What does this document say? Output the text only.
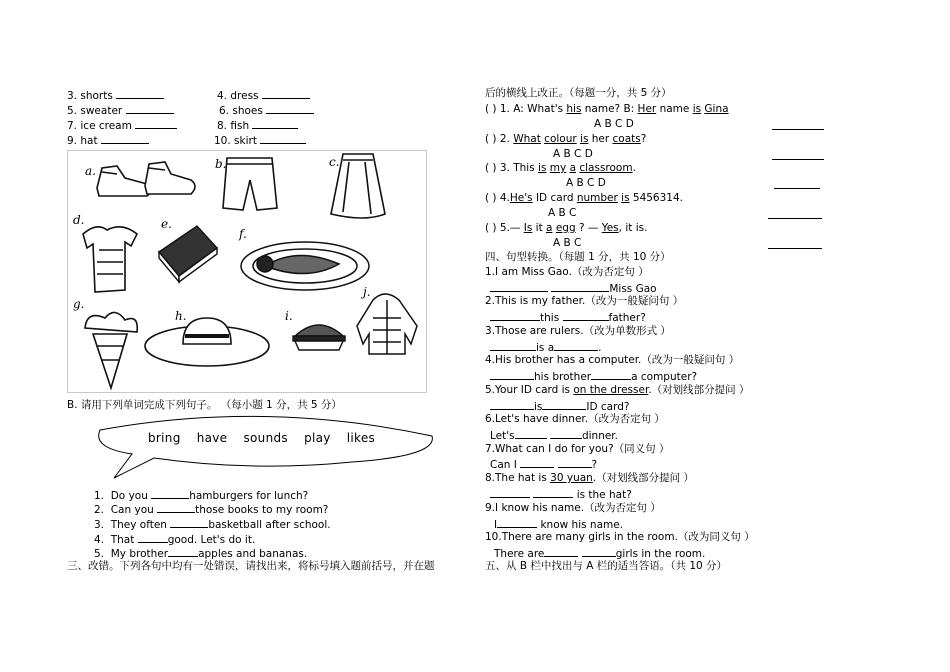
3. shorts	4. dress
5. sweater	6. shoes
7. ice cream	8. fish
9. hat	10. skirt
a.	b.	c.
d.	e.
f.
g.
h.	i.
j.
B. 请用下列单词完成下列句子。 （每小题 1 分，共 5 分）
bring have sounds play likes
1. Do you	hamburgers for lunch?
2. Can you	those books to my room?
3. They often	basketball after school.
4. That	good. Let's do it.
5. My brother	apples and bananas.
三、改错。下列各句中均有一处错误，请找出来，将标号填入题前括号，并在题
后的横线上改正。（每题一分，共 5 分）
( ) 1. A: What's his name? B: Her name is Gina
A B C D
( ) 2. What colour is her coats?
A B C D
( ) 3. This is my a classroom.
A B C D
( ) 4.He's ID card number is 5456314.
A B C
( ) 5.— Is it a egg ? — Yes, it is.
A B C
四、句型转换。（每题 1 分，共 10 分）
1.I am Miss Gao.（改为否定句 ）
Miss Gao
2.This is my father.（改为一般疑问句 ）
this	father?
3.Those are rulers.（改为单数形式 ）
is a	.
4.His brother has a computer.（改为一般疑问句 ）
his brother	a computer?
5.Your ID card is on the dresser.（对划线部分提问 ）
is	ID card?
6.Let's have dinner.（改为否定句 ）
Let's	dinner.
7.What can I do for you?（同义句 ）
Can I	?
8.The hat is 30 yuan.（对划线部分提问 ）
is the hat?
9.I know his name.（改为否定句 ）
I	know his name.
10.There are many girls in the room.（改为同义句 ）
There are	girls in the room.
五、从 B 栏中找出与 A 栏的适当答语。（共 10 分）
